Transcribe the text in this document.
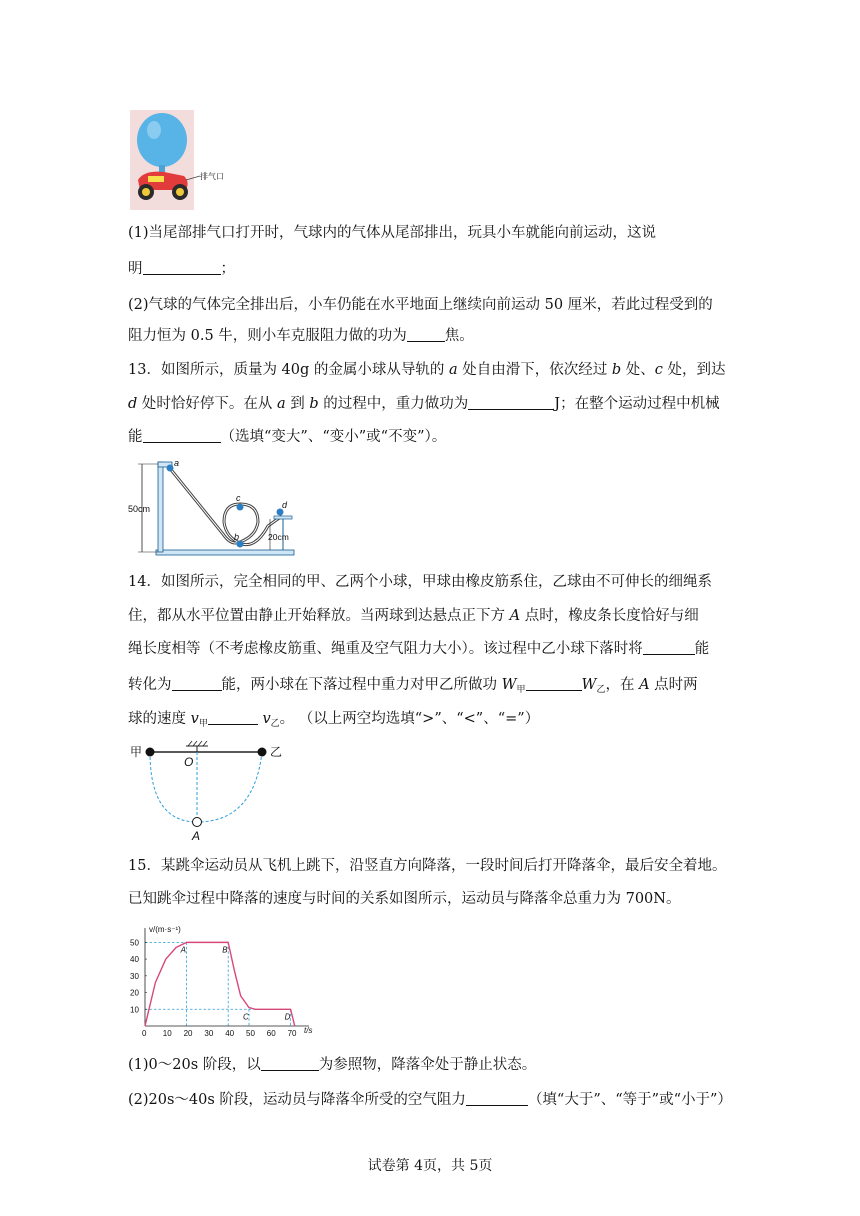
排气口
(1)当尾部排气口打开时，气球内的气体从尾部排出，玩具小车就能向前运动，这说
明	；
(2)气球的气体完全排出后，小车仍能在水平地面上继续向前运动 50 厘米，若此过程受到的
阻力恒为 0.5 牛，则小车克服阻力做的功为	焦。
13．如图所示，质量为 40g 的金属小球从导轨的 a 处自由滑下，依次经过 b 处、c 处，到达
d 处时恰好停下。在从 a 到 b 的过程中，重力做功为	J；在整个运动过程中机械
能	（选填“变大”、“变小”或“不变”）。
50cm
20cm
a
b
c
d
14．如图所示，完全相同的甲、乙两个小球，甲球由橡皮筋系住，乙球由不可伸长的细绳系
住，都从水平位置由静止开始释放。当两球到达悬点正下方 A 点时，橡皮条长度恰好与细
绳长度相等（不考虑橡皮筋重、绳重及空气阻力大小）。该过程中乙小球下落时将	能
转化为	能，两小球在下落过程中重力对甲乙所做功 $W_甲$	$W_乙$，在 A 点时两
球的速度 $v_甲$	$v_乙$。 （以上两空均选填“>”、“<”、“=”）
甲	乙
O
A
15．某跳伞运动员从飞机上跳下，沿竖直方向降落，一段时间后打开降落伞，最后安全着地。
已知跳伞过程中降落的速度与时间的关系如图所示，运动员与降落伞总重力为 700N。
0 10 20 30 40 50 60 70
10
20
30
40
50
A	B
C	D
v/(m·s⁻¹)
t/s
(1)0～20s 阶段，以	为参照物，降落伞处于静止状态。
(2)20s～40s 阶段，运动员与降落伞所受的空气阻力	（填“大于”、“等于”或“小于”）
试卷第 4页，共 5页
